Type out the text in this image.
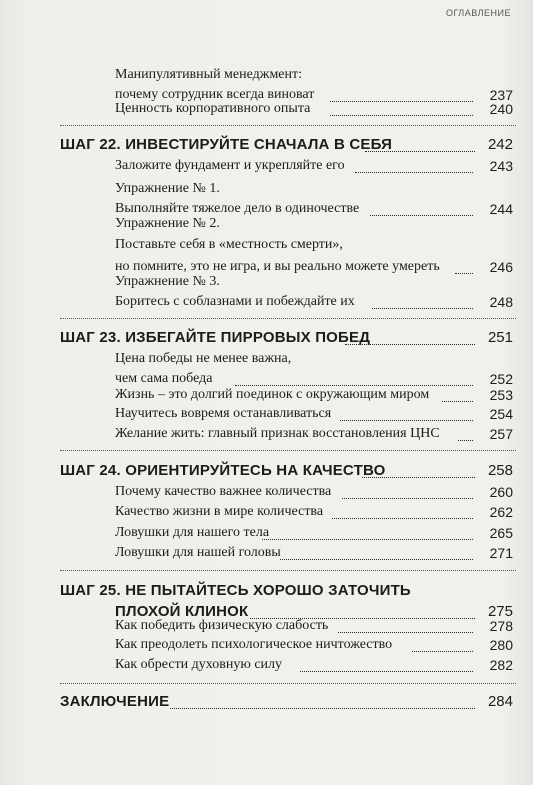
ОГЛАВЛЕНИЕ
Манипулятивный менеджмент:
почему сотрудник всегда виноват	237
Ценность корпоративного опыта	240
ШАГ 22. ИНВЕСТИРУЙТЕ СНАЧАЛА В СЕБЯ	242
Заложите фундамент и укрепляйте его	243
Упражнение № 1.
Выполняйте тяжелое дело в одиночестве	244
Упражнение № 2.
Поставьте себя в «местность смерти»,
но помните, это не игра, и вы реально можете умереть	246
Упражнение № 3.
Боритесь с соблазнами и побеждайте их	248
ШАГ 23. ИЗБЕГАЙТЕ ПИРРОВЫХ ПОБЕД	251
Цена победы не менее важна,
чем сама победа	252
Жизнь – это долгий поединок с окружающим миром	253
Научитесь вовремя останавливаться	254
Желание жить: главный признак восстановления ЦНС	257
ШАГ 24. ОРИЕНТИРУЙТЕСЬ НА КАЧЕСТВО	258
Почему качество важнее количества	260
Качество жизни в мире количества	262
Ловушки для нашего тела	265
Ловушки для нашей головы	271
ШАГ 25. НЕ ПЫТАЙТЕСЬ ХОРОШО ЗАТОЧИТЬ
ПЛОХОЙ КЛИНОК	275
Как победить физическую слабость	278
Как преодолеть психологическое ничтожество	280
Как обрести духовную силу	282
ЗАКЛЮЧЕНИЕ	284
